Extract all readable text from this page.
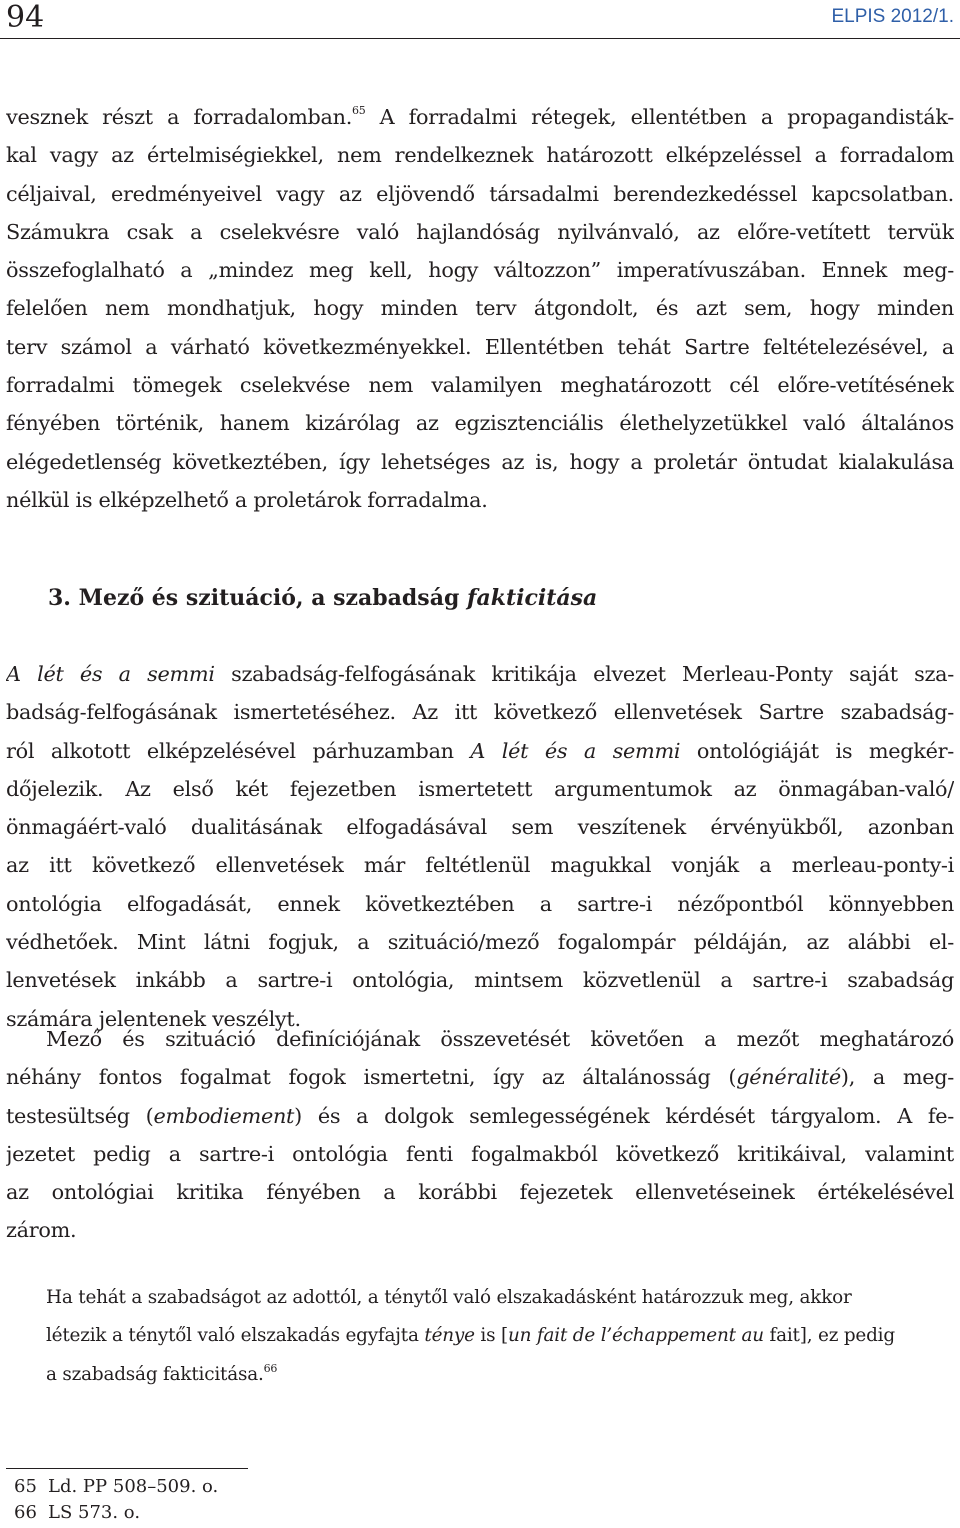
94	ELPIS 2012/1.
vesznek részt a forradalomban.$^{65}$ A forradalmi rétegek, ellentétben a propagandisták-
kal vagy az értelmiségiekkel, nem rendelkeznek határozott elképzeléssel a forradalom
céljaival, eredményeivel vagy az eljövendő társadalmi berendezkedéssel kapcsolatban.
Számukra csak a cselekvésre való hajlandóság nyilvánvaló, az előre-vetített tervük
összefoglalható a „mindez meg kell, hogy változzon” imperatívuszában. Ennek meg-
felelően nem mondhatjuk, hogy minden terv átgondolt, és azt sem, hogy minden
terv számol a várható következményekkel. Ellentétben tehát Sartre feltételezésével, a
forradalmi tömegek cselekvése nem valamilyen meghatározott cél előre-vetítésének
fényében történik, hanem kizárólag az egzisztenciális élethelyzetükkel való általános
elégedetlenség következtében, így lehetséges az is, hogy a proletár öntudat kialakulása
nélkül is elképzelhető a proletárok forradalma.
3. Mező és szituáció, a szabadság fakticitása
A lét és a semmi szabadság-felfogásának kritikája elvezet Merleau-Ponty saját sza-
badság-felfogásának ismertetéséhez. Az itt következő ellenvetések Sartre szabadság-
ról alkotott elképzelésével párhuzamban A lét és a semmi ontológiáját is megkér-
dőjelezik. Az első két fejezetben ismertetett argumentumok az önmagában-való/
önmagáért-való dualitásának elfogadásával sem veszítenek érvényükből, azonban
az itt következő ellenvetések már feltétlenül magukkal vonják a merleau-ponty-i
ontológia elfogadását, ennek következtében a sartre-i nézőpontból könnyebben
védhetőek. Mint látni fogjuk, a szituáció/mező fogalompár példáján, az alábbi el-
lenvetések inkább a sartre-i ontológia, mintsem közvetlenül a sartre-i szabadság
számára jelentenek veszélyt.
Mező és szituáció definíciójának összevetését követően a mezőt meghatározó
néhány fontos fogalmat fogok ismertetni, így az általánosság (généralité), a meg-
testesültség (embodiement) és a dolgok semlegességének kérdését tárgyalom. A fe-
jezetet pedig a sartre-i ontológia fenti fogalmakból következő kritikáival, valamint
az ontológiai kritika fényében a korábbi fejezetek ellenvetéseinek értékelésével
zárom.
Ha tehát a szabadságot az adottól, a ténytől való elszakadásként határozzuk meg, akkor
létezik a ténytől való elszakadás egyfajta ténye is [un fait de l’échappement au fait], ez pedig
a szabadság fakticitása.$^{66}$
65 Ld. PP 508–509. o.
66 LS 573. o.
